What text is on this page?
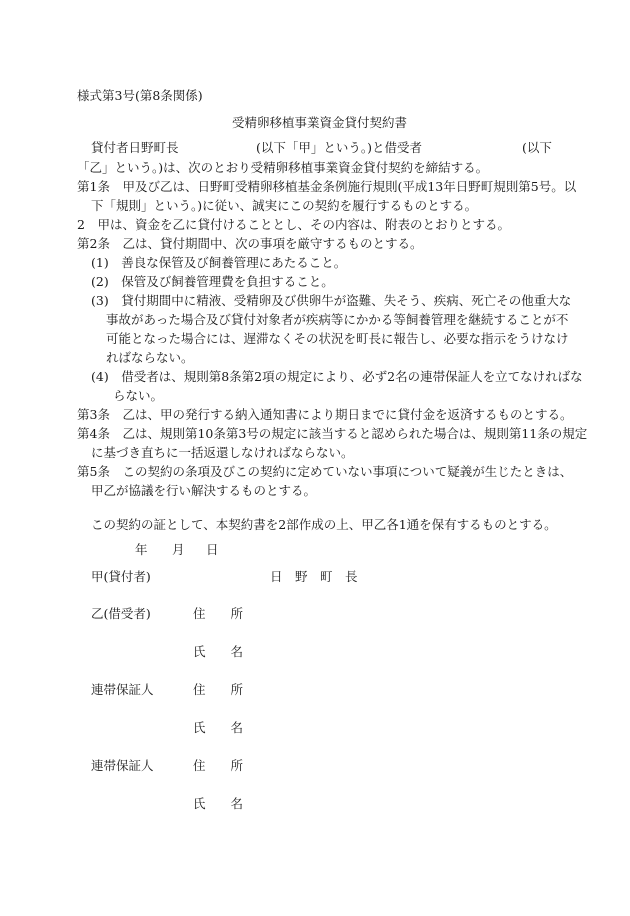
様式第3号(第8条関係)
受精卵移植事業資金貸付契約書
貸付者日野町長	(以下「甲」という。)と借受者	(以下
「乙」という。)は、次のとおり受精卵移植事業資金貸付契約を締結する。
第1条　甲及び乙は、日野町受精卵移植基金条例施行規則(平成13年日野町規則第5号。以
下「規則」という。)に従い、誠実にこの契約を履行するものとする。
2　甲は、資金を乙に貸付けることとし、その内容は、附表のとおりとする。
第2条　乙は、貸付期間中、次の事項を厳守するものとする。
(1)　善良な保管及び飼養管理にあたること。
(2)　保管及び飼養管理費を負担すること。
(3)　貸付期間中に精液、受精卵及び供卵牛が盗難、失そう、疾病、死亡その他重大な
事故があった場合及び貸付対象者が疾病等にかかる等飼養管理を継続することが不
可能となった場合には、遅滞なくその状況を町長に報告し、必要な指示をうけなけ
ればならない。
(4)　借受者は、規則第8条第2項の規定により、必ず2名の連帯保証人を立てなければな
らない。
第3条　乙は、甲の発行する納入通知書により期日までに貸付金を返済するものとする。
第4条　乙は、規則第10条第3号の規定に該当すると認められた場合は、規則第11条の規定
に基づき直ちに一括返還しなければならない。
第5条　この契約の条項及びこの契約に定めていない事項について疑義が生じたときは、
甲乙が協議を行い解決するものとする。
この契約の証として、本契約書を2部作成の上、甲乙各1通を保有するものとする。
年 月 日
甲(貸付者)	日　野　町　長
乙(借受者)	住　　所
氏　　名
連帯保証人	住　　所
氏　　名
連帯保証人	住　　所
氏　　名
